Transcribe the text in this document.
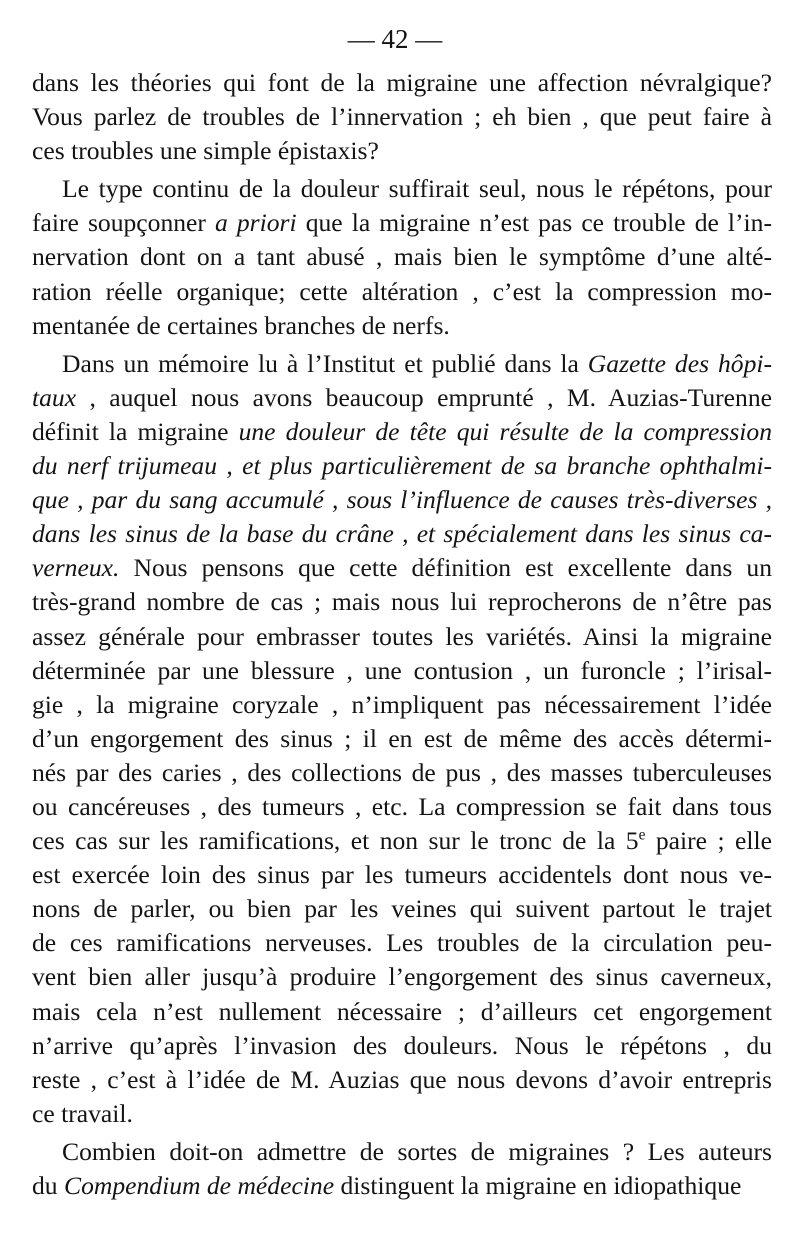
— 42 —
dans les théories qui font de la migraine une affection névralgique?
Vous parlez de troubles de l’innervation ; eh bien , que peut faire à
ces troubles une simple épistaxis?
Le type continu de la douleur suffirait seul, nous le répétons, pour
faire soupçonner a priori que la migraine n’est pas ce trouble de l’in-
nervation dont on a tant abusé , mais bien le symptôme d’une alté-
ration réelle organique; cette altération , c’est la compression mo-
mentanée de certaines branches de nerfs.
Dans un mémoire lu à l’Institut et publié dans la Gazette des hôpi-
taux , auquel nous avons beaucoup emprunté , M. Auzias-Turenne
définit la migraine une douleur de tête qui résulte de la compression
du nerf trijumeau , et plus particulièrement de sa branche ophthalmi-
que , par du sang accumulé , sous l’influence de causes très-diverses ,
dans les sinus de la base du crâne , et spécialement dans les sinus ca-
verneux. Nous pensons que cette définition est excellente dans un
très-grand nombre de cas ; mais nous lui reprocherons de n’être pas
assez générale pour embrasser toutes les variétés. Ainsi la migraine
déterminée par une blessure , une contusion , un furoncle ; l’irisal-
gie , la migraine coryzale , n’impliquent pas nécessairement l’idée
d’un engorgement des sinus ; il en est de même des accès détermi-
nés par des caries , des collections de pus , des masses tuberculeuses
ou cancéreuses , des tumeurs , etc. La compression se fait dans tous
ces cas sur les ramifications, et non sur le tronc de la 5e paire ; elle
est exercée loin des sinus par les tumeurs accidentels dont nous ve-
nons de parler, ou bien par les veines qui suivent partout le trajet
de ces ramifications nerveuses. Les troubles de la circulation peu-
vent bien aller jusqu’à produire l’engorgement des sinus caverneux,
mais cela n’est nullement nécessaire ; d’ailleurs cet engorgement
n’arrive qu’après l’invasion des douleurs. Nous le répétons , du
reste , c’est à l’idée de M. Auzias que nous devons d’avoir entrepris
ce travail.
Combien doit-on admettre de sortes de migraines ? Les auteurs
du Compendium de médecine distinguent la migraine en idiopathique
